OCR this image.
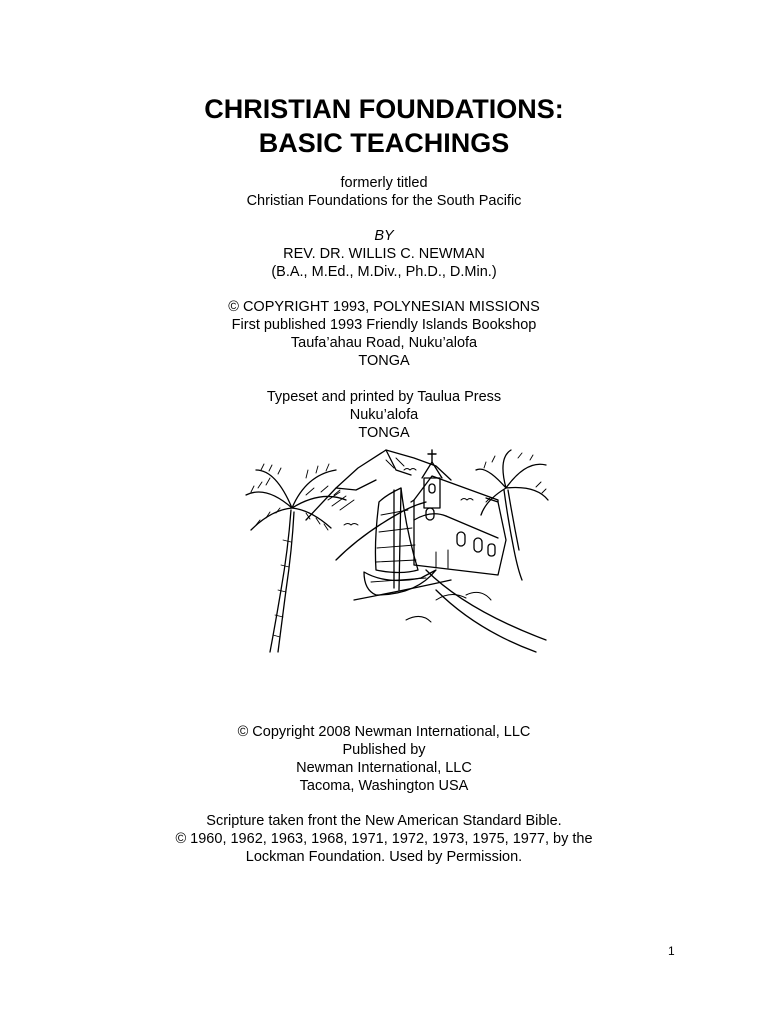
CHRISTIAN FOUNDATIONS:
BASIC TEACHINGS
formerly titled
Christian Foundations for the South Pacific
BY
REV. DR. WILLIS C. NEWMAN
(B.A., M.Ed., M.Div., Ph.D., D.Min.)
© COPYRIGHT 1993, POLYNESIAN MISSIONS
First published 1993 Friendly Islands Bookshop
Taufa’ahau Road, Nuku’alofa
TONGA
Typeset and printed by Taulua Press
Nuku’alofa
TONGA
© Copyright 2008 Newman International, LLC
Published by
Newman International, LLC
Tacoma, Washington USA
Scripture taken front the New American Standard Bible.
© 1960, 1962, 1963, 1968, 1971, 1972, 1973, 1975, 1977, by the
Lockman Foundation. Used by Permission.
1
